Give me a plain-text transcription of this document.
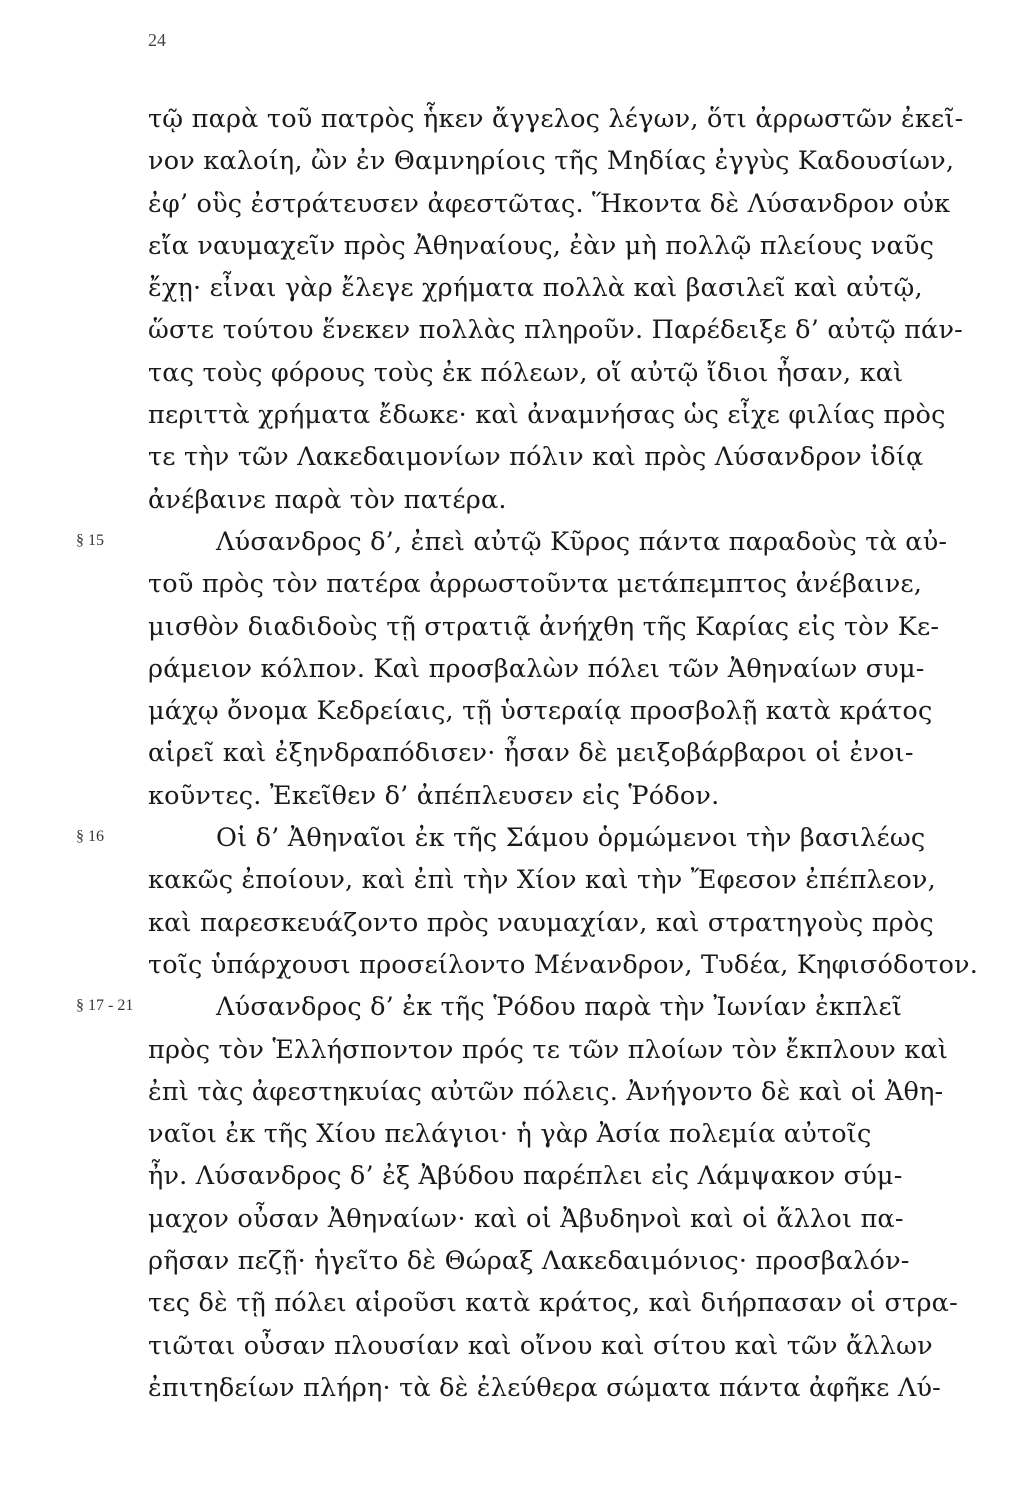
24
τῷ παρὰ τοῦ πατρὸς ἧκεν ἄγγελος λέγων, ὅτι ἀρρωστῶν ἐκεῖ-
νον καλοίη, ὢν ἐν Θαμνηρίοις τῆς Μηδίας ἐγγὺς Καδουσίων,
ἐφ’ οὓς ἐστράτευσεν ἀφεστῶτας. Ἥκοντα δὲ Λύσανδρον οὐκ
εἴα ναυμαχεῖν πρὸς Ἀθηναίους, ἐὰν μὴ πολλῷ πλείους ναῦς
ἔχῃ· εἶναι γὰρ ἔλεγε χρήματα πολλὰ καὶ βασιλεῖ καὶ αὐτῷ,
ὥστε τούτου ἕνεκεν πολλὰς πληροῦν. Παρέδειξε δ’ αὐτῷ πάν-
τας τοὺς φόρους τοὺς ἐκ πόλεων, οἵ αὐτῷ ἴδιοι ἦσαν, καὶ
περιττὰ χρήματα ἔδωκε· καὶ ἀναμνήσας ὡς εἶχε φιλίας πρὸς
τε τὴν τῶν Λακεδαιμονίων πόλιν καὶ πρὸς Λύσανδρον ἰδίᾳ
ἀνέβαινε παρὰ τὸν πατέρα.
Λύσανδρος δ’, ἐπεὶ αὐτῷ Κῦρος πάντα παραδοὺς τὰ αὐ-
τοῦ πρὸς τὸν πατέρα ἀρρωστοῦντα μετάπεμπτος ἀνέβαινε,
μισθὸν διαδιδοὺς τῇ στρατιᾷ ἀνήχθη τῆς Καρίας εἰς τὸν Κε-
ράμειον κόλπον. Καὶ προσβαλὼν πόλει τῶν Ἀθηναίων συμ-
μάχῳ ὄνομα Κεδρείαις, τῇ ὑστεραίᾳ προσβολῇ κατὰ κράτος
αἱρεῖ καὶ ἐξηνδραπόδισεν· ἦσαν δὲ μειξοβάρβαροι οἱ ἐνοι-
κοῦντες. Ἐκεῖθεν δ’ ἀπέπλευσεν εἰς Ῥόδον.
Οἱ δ’ Ἀθηναῖοι ἐκ τῆς Σάμου ὁρμώμενοι τὴν βασιλέως
κακῶς ἐποίουν, καὶ ἐπὶ τὴν Χίον καὶ τὴν Ἔφεσον ἐπέπλεον,
καὶ παρεσκευάζοντο πρὸς ναυμαχίαν, καὶ στρατηγοὺς πρὸς
τοῖς ὑπάρχουσι προσείλοντο Μένανδρον, Τυδέα, Κηφισόδοτον.
Λύσανδρος δ’ ἐκ τῆς Ῥόδου παρὰ τὴν Ἰωνίαν ἐκπλεῖ
πρὸς τὸν Ἑλλήσποντον πρός τε τῶν πλοίων τὸν ἔκπλουν καὶ
ἐπὶ τὰς ἀφεστηκυίας αὐτῶν πόλεις. Ἀνήγοντο δὲ καὶ οἱ Ἀθη-
ναῖοι ἐκ τῆς Χίου πελάγιοι· ἡ γὰρ Ἀσία πολεμία αὐτοῖς
ἦν. Λύσανδρος δ’ ἐξ Ἀβύδου παρέπλει εἰς Λάμψακον σύμ-
μαχον οὖσαν Ἀθηναίων· καὶ οἱ Ἀβυδηνοὶ καὶ οἱ ἄλλοι πα-
ρῆσαν πεζῇ· ἡγεῖτο δὲ Θώραξ Λακεδαιμόνιος· προσβαλόν-
τες δὲ τῇ πόλει αἱροῦσι κατὰ κράτος, καὶ διήρπασαν οἱ στρα-
τιῶται οὖσαν πλουσίαν καὶ οἴνου καὶ σίτου καὶ τῶν ἄλλων
ἐπιτηδείων πλήρη· τὰ δὲ ἐλεύθερα σώματα πάντα ἀφῆκε Λύ-
§ 15
§ 16
§ 17 - 21
